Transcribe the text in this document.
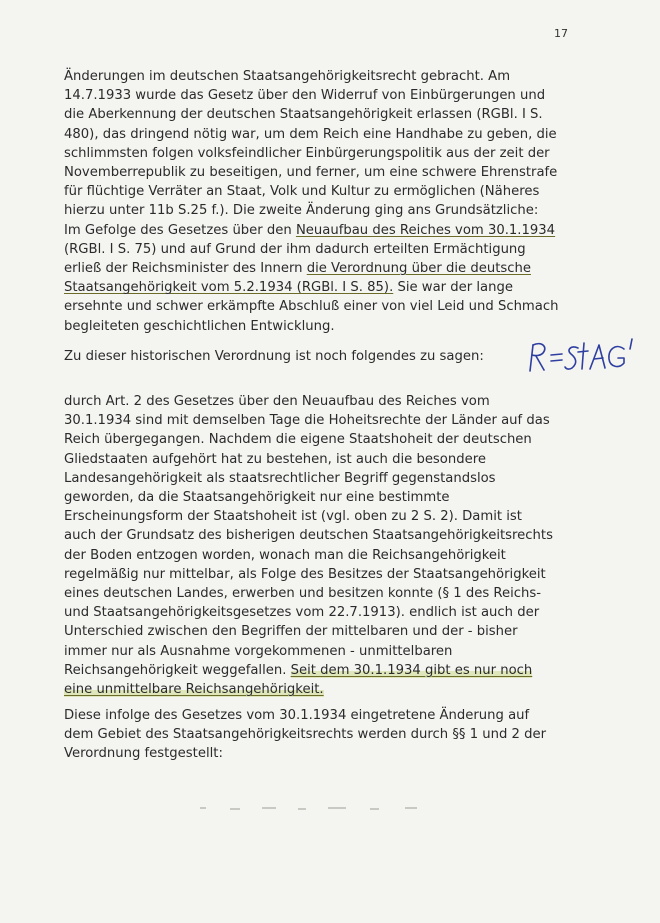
17
Änderungen im deutschen Staatsangehörigkeitsrecht gebracht. Am
14.7.1933 wurde das Gesetz über den Widerruf von Einbürgerungen und
die Aberkennung der deutschen Staatsangehörigkeit erlassen (RGBl. I S.
480), das dringend nötig war, um dem Reich eine Handhabe zu geben, die
schlimmsten folgen volksfeindlicher Einbürgerungspolitik aus der zeit der
Novemberrepublik zu beseitigen, und ferner, um eine schwere Ehrenstrafe
für flüchtige Verräter an Staat, Volk und Kultur zu ermöglichen (Näheres
hierzu unter 11b S.25 f.). Die zweite Änderung ging ans Grundsätzliche:
Im Gefolge des Gesetzes über den Neuaufbau des Reiches vom 30.1.1934
(RGBl. I S. 75) und auf Grund der ihm dadurch erteilten Ermächtigung
erließ der Reichsminister des Innern die Verordnung über die deutsche
Staatsangehörigkeit vom 5.2.1934 (RGBl. I S. 85). Sie war der lange
ersehnte und schwer erkämpfte Abschluß einer von viel Leid und Schmach
begleiteten geschichtlichen Entwicklung.
Zu dieser historischen Verordnung ist noch folgendes zu sagen:
durch Art. 2 des Gesetzes über den Neuaufbau des Reiches vom
30.1.1934 sind mit demselben Tage die Hoheitsrechte der Länder auf das
Reich übergegangen. Nachdem die eigene Staatshoheit der deutschen
Gliedstaaten aufgehört hat zu bestehen, ist auch die besondere
Landesangehörigkeit als staatsrechtlicher Begriff gegenstandslos
geworden, da die Staatsangehörigkeit nur eine bestimmte
Erscheinungsform der Staatshoheit ist (vgl. oben zu 2 S. 2). Damit ist
auch der Grundsatz des bisherigen deutschen Staatsangehörigkeitsrechts
der Boden entzogen worden, wonach man die Reichsangehörigkeit
regelmäßig nur mittelbar, als Folge des Besitzes der Staatsangehörigkeit
eines deutschen Landes, erwerben und besitzen konnte (§ 1 des Reichs-
und Staatsangehörigkeitsgesetzes vom 22.7.1913). endlich ist auch der
Unterschied zwischen den Begriffen der mittelbaren und der - bisher
immer nur als Ausnahme vorgekommenen - unmittelbaren
Reichsangehörigkeit weggefallen. Seit dem 30.1.1934 gibt es nur noch
eine unmittelbare Reichsangehörigkeit.
Diese infolge des Gesetzes vom 30.1.1934 eingetretene Änderung auf
dem Gebiet des Staatsangehörigkeitsrechts werden durch §§ 1 und 2 der
Verordnung festgestellt:
